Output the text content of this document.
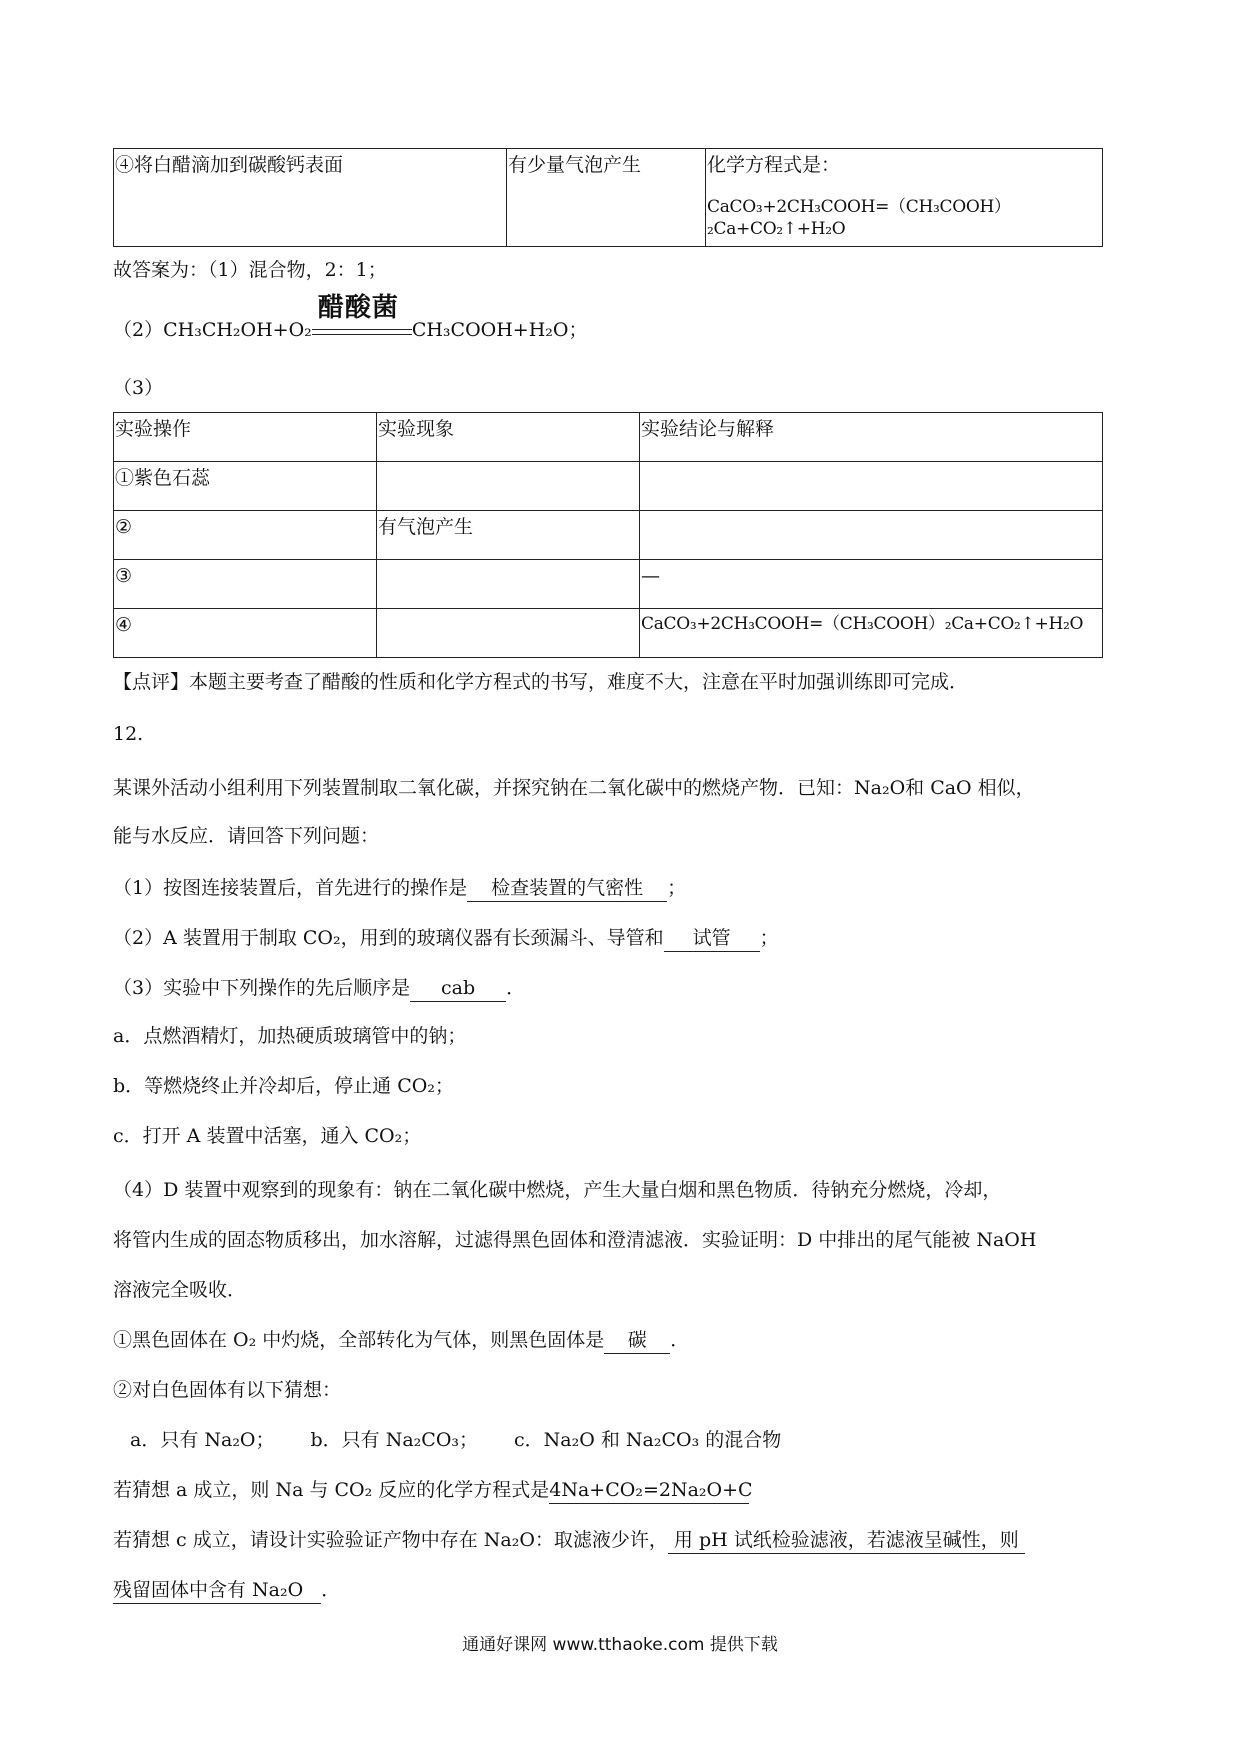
④将白醋滴加到碳酸钙表面	有少量气泡产生	化学方程式是：
CaCO₃+2CH₃COOH=（CH₃COOH）₂Ca+CO₂↑+H₂O
故答案为：（1）混合物，2：1；
（2）CH₃CH₂OH+O₂
醋酸菌
CH₃COOH+H₂O；
（3）
实验操作	实验现象	实验结论与解释
①紫色石蕊		
②	有气泡产生	
③		—
④		CaCO₃+2CH₃COOH=（CH₃COOH）₂Ca+CO₂↑+H₂O
【点评】本题主要考查了醋酸的性质和化学方程式的书写，难度不大，注意在平时加强训练即可完成．
12.
某课外活动小组利用下列装置制取二氧化碳，并探究钠在二氧化碳中的燃烧产物．已知：Na₂O和 CaO 相似，
能与水反应．请回答下列问题：
（1）按图连接装置后，首先进行的操作是 检查装置的气密性 ；
（2）A 装置用于制取 CO₂，用到的玻璃仪器有长颈漏斗、导管和 试管 ；
（3）实验中下列操作的先后顺序是 cab ．
a．点燃酒精灯，加热硬质玻璃管中的钠；
b．等燃烧终止并冷却后，停止通 CO₂；
c．打开 A 装置中活塞，通入 CO₂；
（4）D 装置中观察到的现象有：钠在二氧化碳中燃烧，产生大量白烟和黑色物质．待钠充分燃烧，冷却，
将管内生成的固态物质移出，加水溶解，过滤得黑色固体和澄清滤液．实验证明：D 中排出的尾气能被 NaOH
溶液完全吸收．
①黑色固体在 O₂ 中灼烧，全部转化为气体，则黑色固体是 碳 ．
②对白色固体有以下猜想：
a．只有 Na₂O； b．只有 Na₂CO₃； c．Na₂O 和 Na₂CO₃ 的混合物
若猜想 a 成立，则 Na 与 CO₂ 反应的化学方程式是4Na+CO₂=2Na₂O+C
若猜想 c 成立，请设计实验验证产物中存在 Na₂O：取滤液少许， 用 pH 试纸检验滤液，若滤液呈碱性，则
残留固体中含有 Na₂O ．
通通好课网 www.tthaoke.com 提供下载
